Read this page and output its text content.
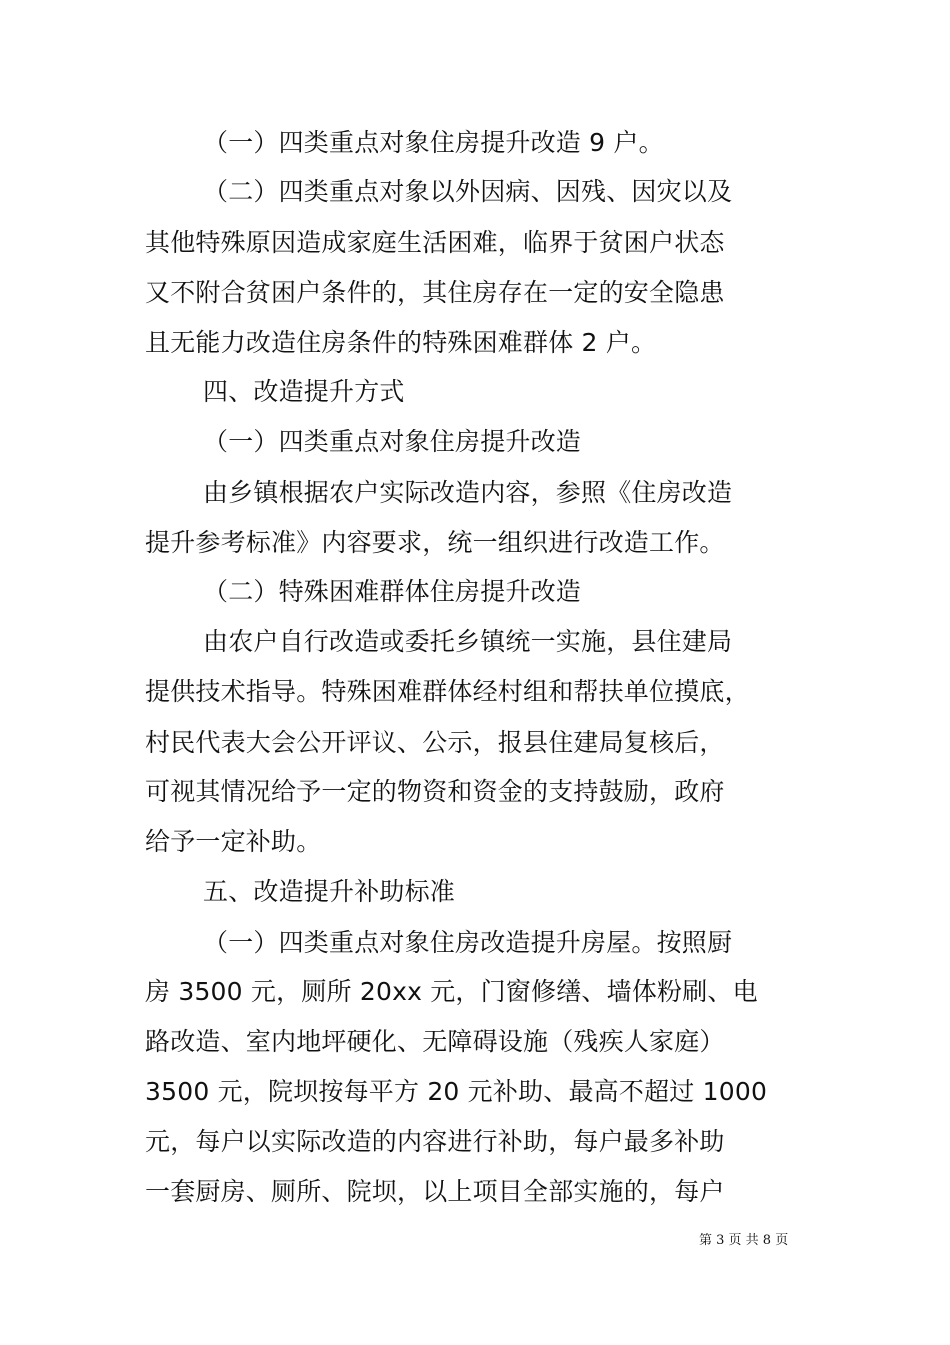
（一）四类重点对象住房提升改造 9 户。
（二）四类重点对象以外因病、因残、因灾以及
其他特殊原因造成家庭生活困难，临界于贫困户状态
又不附合贫困户条件的，其住房存在一定的安全隐患
且无能力改造住房条件的特殊困难群体 2 户。
四、改造提升方式
（一）四类重点对象住房提升改造
由乡镇根据农户实际改造内容，参照《住房改造
提升参考标准》内容要求，统一组织进行改造工作。
（二）特殊困难群体住房提升改造
由农户自行改造或委托乡镇统一实施，县住建局
提供技术指导。特殊困难群体经村组和帮扶单位摸底，
村民代表大会公开评议、公示，报县住建局复核后，
可视其情况给予一定的物资和资金的支持鼓励，政府
给予一定补助。
五、改造提升补助标准
（一）四类重点对象住房改造提升房屋。按照厨
房 3500 元，厕所 20xx 元，门窗修缮、墙体粉刷、电
路改造、室内地坪硬化、无障碍设施（残疾人家庭）
3500 元，院坝按每平方 20 元补助、最高不超过 1000
元，每户以实际改造的内容进行补助，每户最多补助
一套厨房、厕所、院坝，以上项目全部实施的，每户
第 3 页 共 8 页
